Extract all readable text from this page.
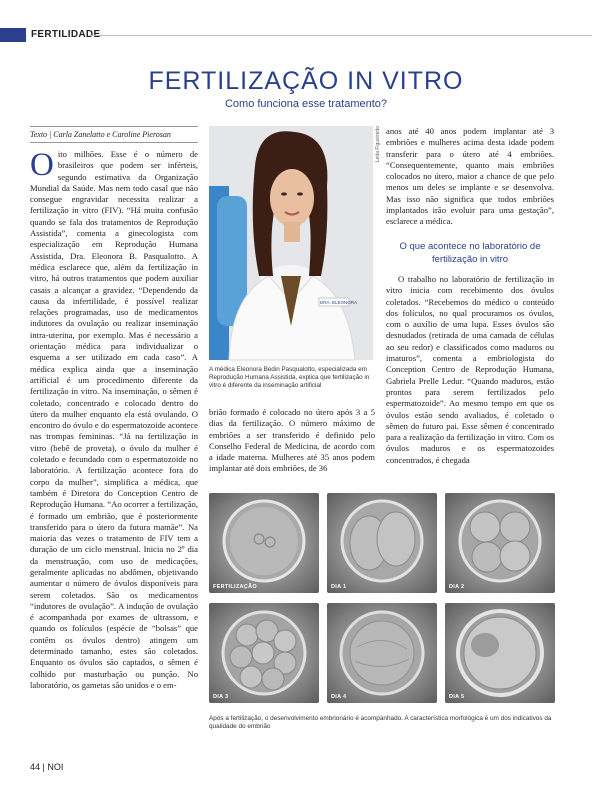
FERTILIDADE
FERTILIZAÇÃO IN VITRO
Como funciona esse tratamento?
Texto | Carla Zanelatto e Caroline Pierosan

Oito milhões. Esse é o número de brasileiros que podem ser inférteis, segundo estimativa da Organização Mundial da Saúde. Mas nem todo casal que não consegue engravidar necessita realizar a fertilização in vitro (FIV). “Há muita confusão quando se fala dos tratamentos de Reprodução Assistida”, comenta a ginecologista com especialização em Reprodução Humana Assistida, Dra. Eleonora B. Pasqualotto. A médica esclarece que, além da fertilização in vitro, há outros tratamentos que podem auxiliar casais a alcançar a gravidez. “Dependendo da causa da infertilidade, é possível realizar relações programadas, uso de medicamentos indutores da ovulação ou realizar inseminação intra-uterina, por exemplo. Mas é necessário a orientação médica para individualizar o esquema a ser utilizado em cada caso”. A médica explica ainda que a inseminação artificial é um procedimento diferente da fertilização in vitro. Na inseminação, o sêmen é coletado, concentrado e colocado dentro do útero da mulher enquanto ela está ovulando. O encontro do óvulo e do espermatozoide acontece nas trompas femininas. “Já na fertilização in vitro (bebê de proveta), o óvulo da mulher é coletado e fecundado com o espermatozoide no laboratório. A fertilização acontece fora do corpo da mulher”, simplifica a médica, que também é Diretora do Conception Centro de Reprodução Humana. “Ao ocorrer a fertilização, é formado um embrião, que é posteriormente transferido para o útero da futura mamãe”. Na maioria das vezes o tratamento de FIV tem a duração de um ciclo menstrual. Inicia no 2º dia da menstruação, com uso de medicações, geralmente aplicadas no abdômen, objetivando aumentar o número de óvulos disponíveis para serem coletados. São os medicamentos “indutores de ovulação”. A indução de ovulação é acompanhada por exames de ultrassom, e quando os folículos (espécie de “bolsas” que contêm os óvulos dentro) atingem um determinado tamanho, estes são coletados. Enquanto os óvulos são captados, o sêmen é colhido por masturbação ou punção. No laboratório, os gametas são unidos e o em-

DRA. ELEONORA
Leda Figueiredo
A médica Eleonora Bedin Pasqualotto, especializada em Reprodução Humana Assistida, explica que fertilização in vitro é diferente da inseminação artificial
brião formado é colocado no útero após 3 a 5 dias da fertilização. O número máximo de embriões a ser transferido é definido pelo Conselho Federal de Medicina, de acordo com a idade materna. Mulheres até 35 anos podem implantar até dois embriões, de 36
anos até 40 anos podem implantar até 3 embriões e mulheres acima desta idade podem transferir para o útero até 4 embriões. “Consequentemente, quanto mais embriões colocados no útero, maior a chance de que pelo menos um deles se implante e se desenvolva. Mas isso não significa que todos embriões implantados irão evoluir para uma gestação”, esclarece a médica.
O que acontece no laboratório de fertilização in vitro
O trabalho no laboratório de fertilização in vitro inicia com recebimento dos óvulos coletados. “Recebemos do médico o conteúdo dos folículos, no qual procuramos os óvulos, com o auxílio de uma lupa. Esses óvulos são desnudados (retirada de uma camada de células ao seu redor) e classificados como maduros ou imaturos”, comenta a embriologista do Conception Centro de Reprodução Humana, Gabriela Prelle Ledur. “Quando maduros, estão prontos para serem fertilizados pelo espermatozoide”. Ao mesmo tempo em que os óvulos estão sendo avaliados, é coletado o sêmen do futuro pai. Esse sêmen é concentrado para a realização da fertilização in vitro. Com os óvulos maduros e os espermatozoides concentrados, é chegada
FERTILIZAÇÃO	DIA 1	DIA 2
DIA 3	DIA 4	DIA 5
Após a fertilização, o desenvolvimento embrionário é acompanhado. A característica morfológica é um dos indicativos da qualidade do embrião
44 | NOI
